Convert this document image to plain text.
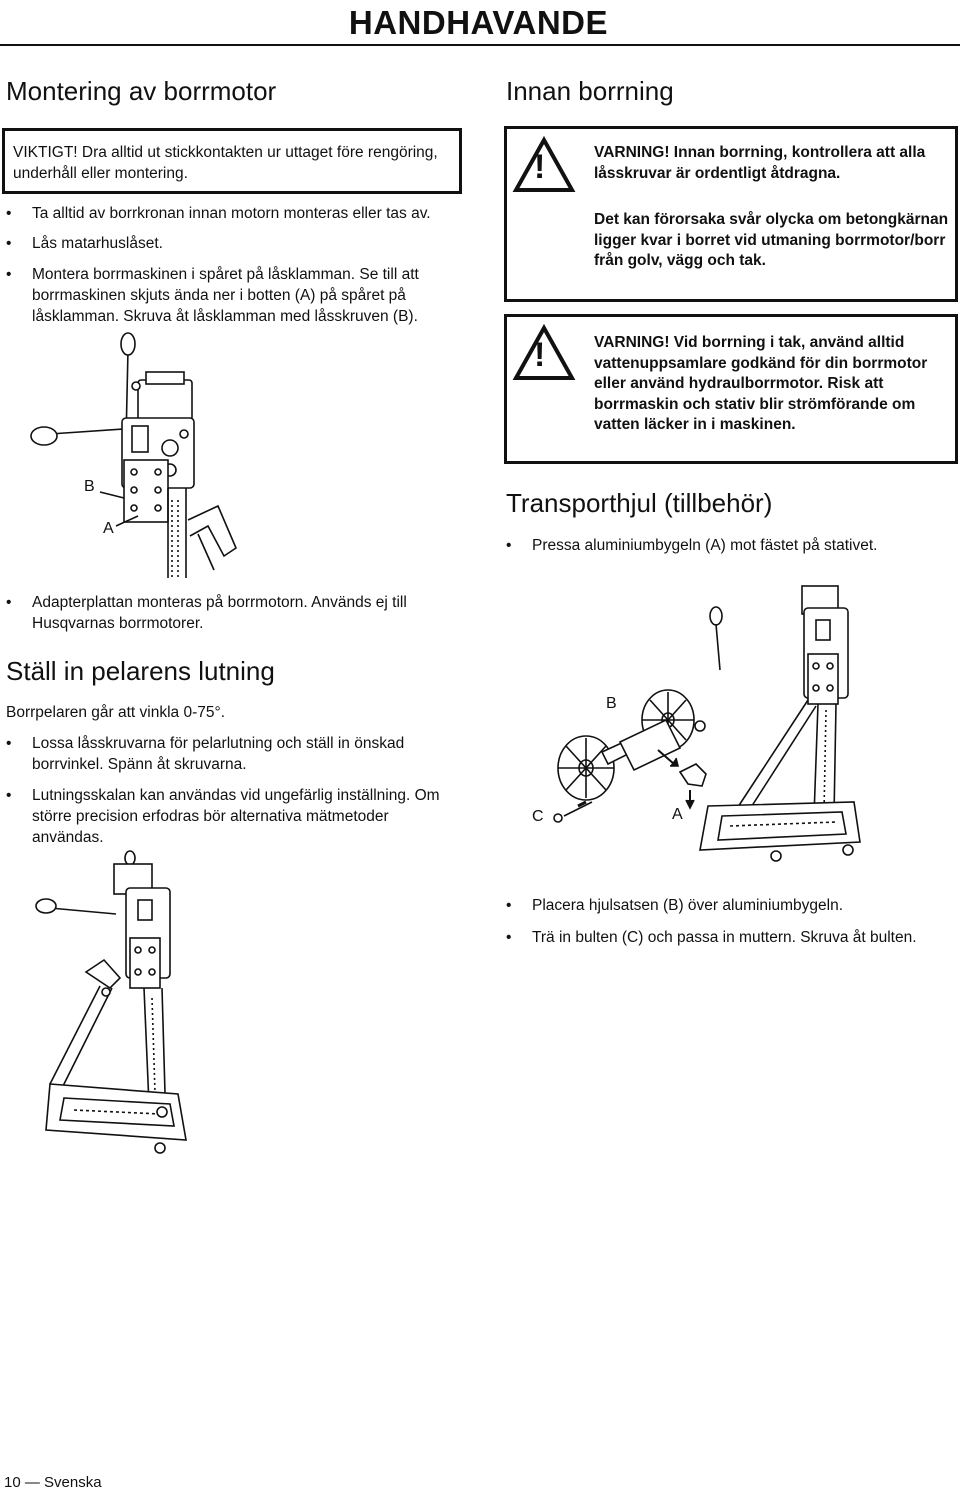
HANDHAVANDE
Montering av borrmotor
VIKTIGT! Dra alltid ut stickkontakten ur uttaget före rengöring, underhåll eller montering.
• Ta alltid av borrkronan innan motorn monteras eller tas av.
• Lås matarhuslåset.
• Montera borrmaskinen i spåret på låsklamman. Se till att borrmaskinen skjuts ända ner i botten (A) på spåret på låsklamman. Skruva åt låsklamman med låsskruven (B).
B
A
• Adapterplattan monteras på borrmotorn. Används ej till Husqvarnas borrmotorer.
Ställ in pelarens lutning
Borrpelaren går att vinkla 0-75°.
• Lossa låsskruvarna för pelarlutning och ställ in önskad borrvinkel. Spänn åt skruvarna.
• Lutningsskalan kan användas vid ungefärlig inställning. Om större precision erfodras bör alternativa mätmetoder användas.
Innan borrning
!	VARNING! Innan borrning, kontrollera att alla låsskruvar är ordentligt åtdragna.
Det kan förorsaka svår olycka om betongkärnan ligger kvar i borret vid utmaning borrmotor/borr från golv, vägg och tak.
!	VARNING! Vid borrning i tak, använd alltid vattenuppsamlare godkänd för din borrmotor eller använd hydraulborrmotor. Risk att borrmaskin och stativ blir strömförande om vatten läcker in i maskinen.
Transporthjul (tillbehör)
• Pressa aluminiumbygeln (A) mot fästet på stativet.
B
C	A
• Placera hjulsatsen (B) över aluminiumbygeln.
• Trä in bulten (C) och passa in muttern. Skruva åt bulten.
10 — Svenska
